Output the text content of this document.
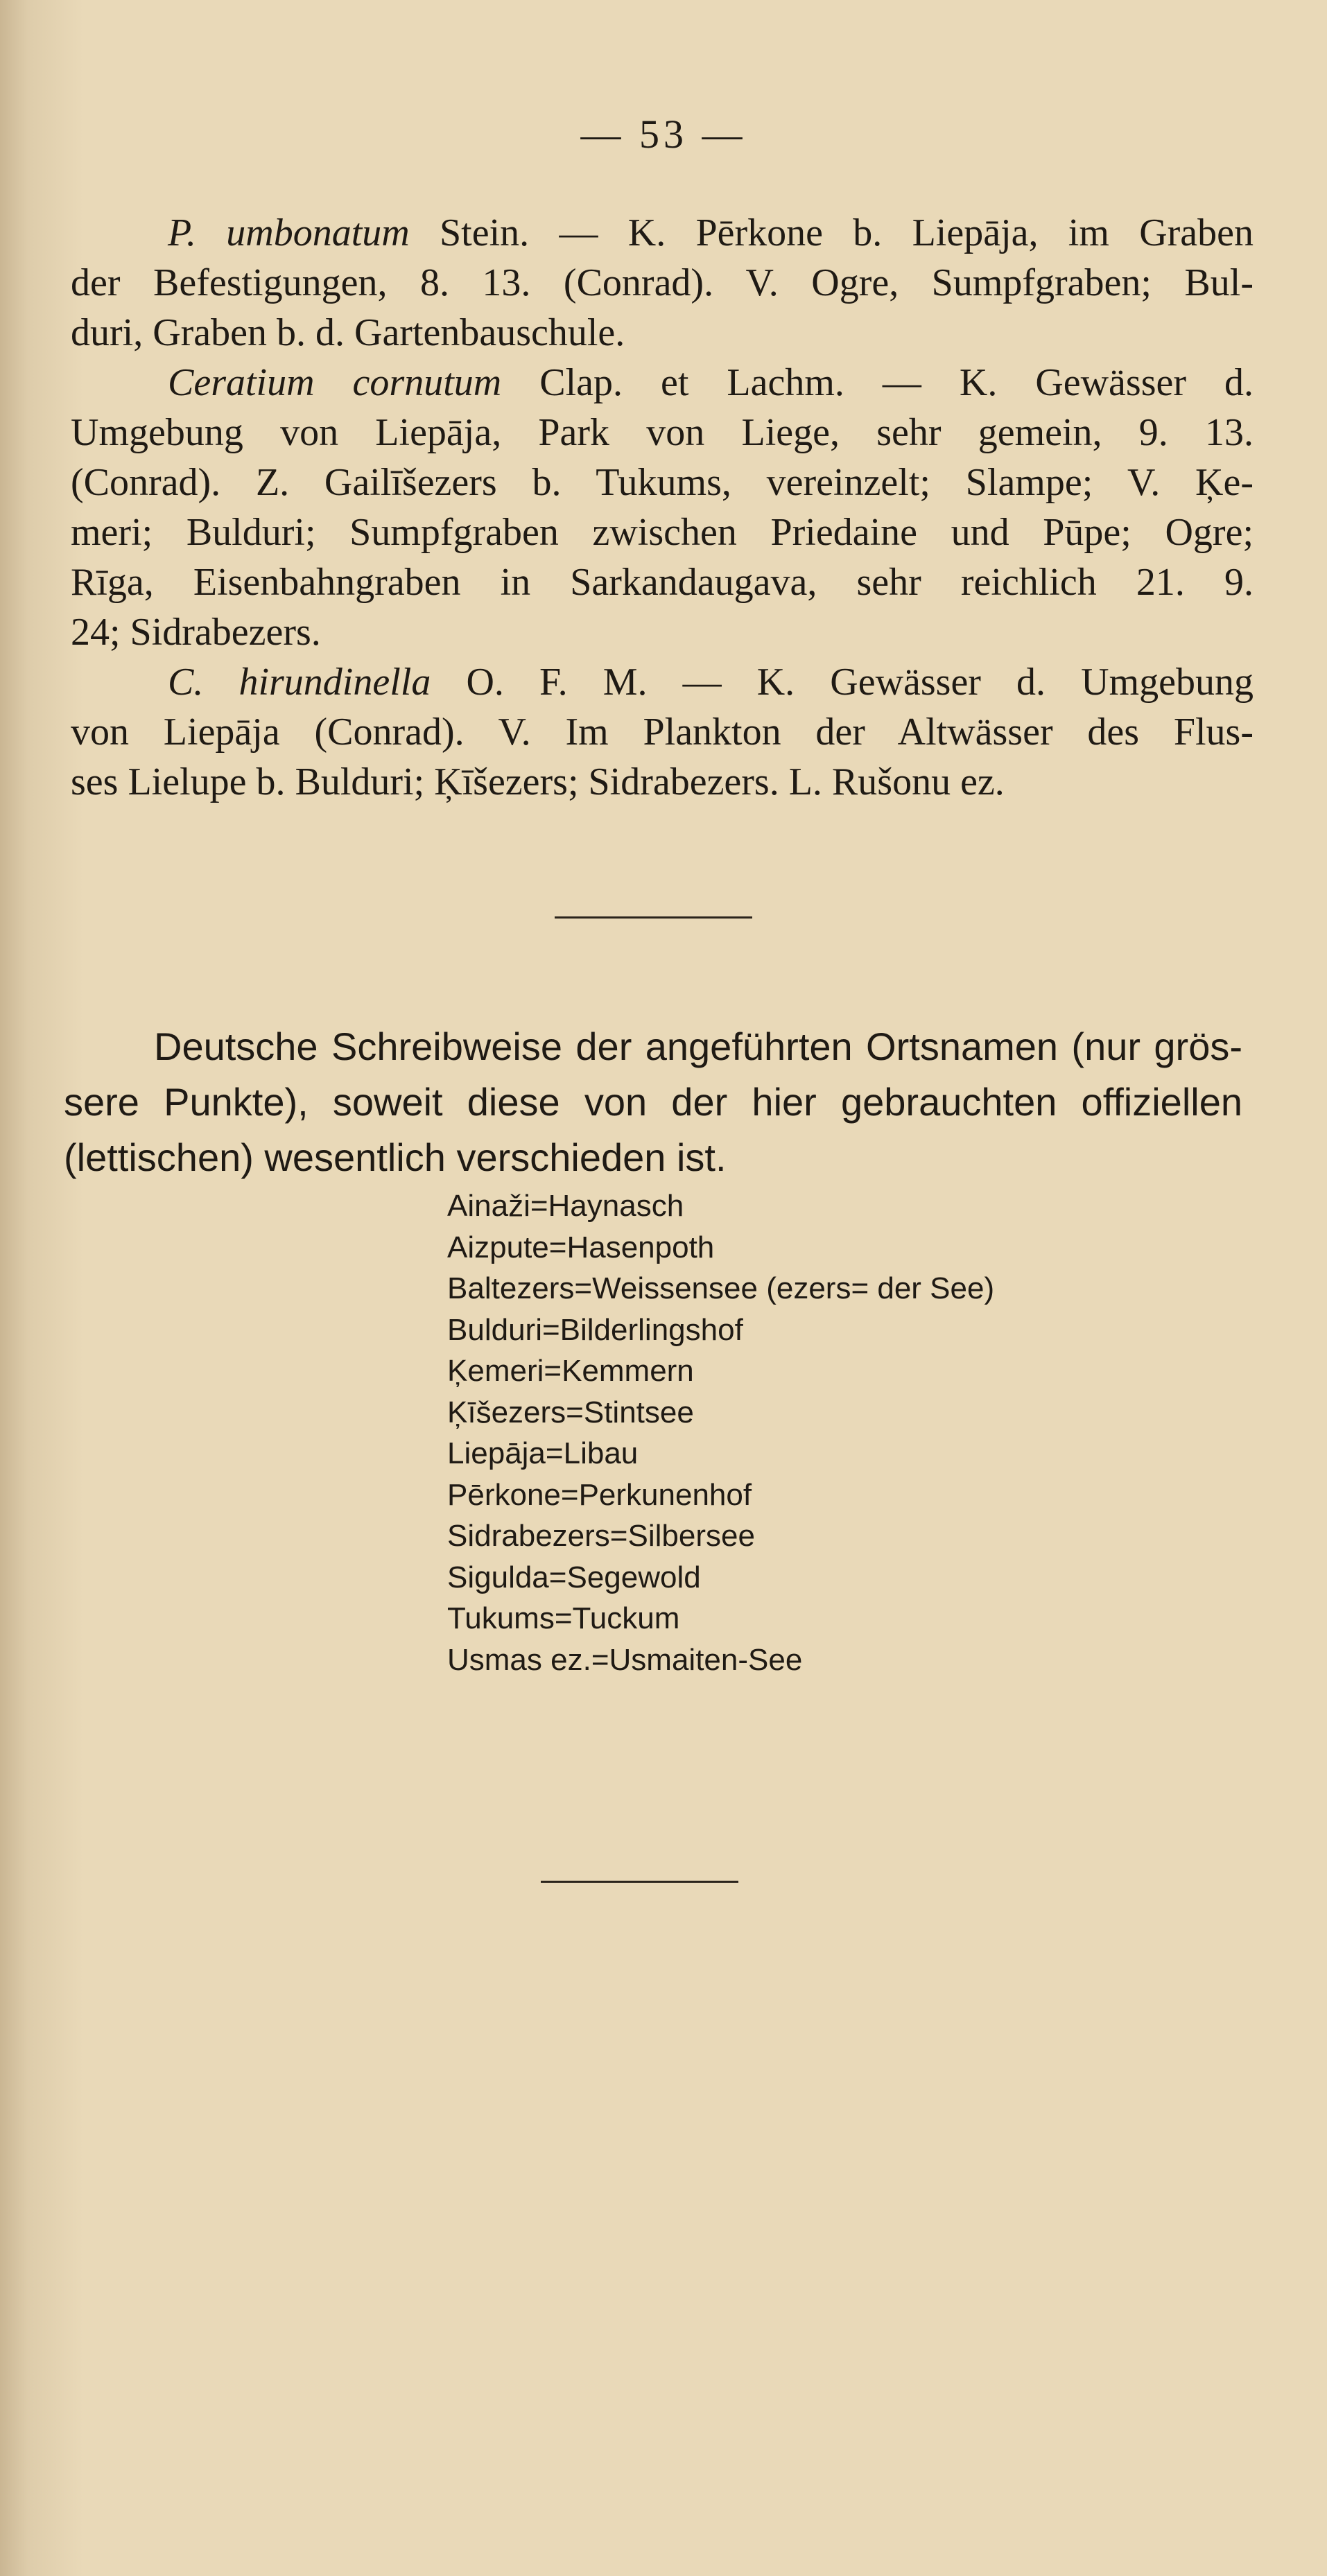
— 53 —

P. umbonatum Stein. — K. Pērkone b. Liepāja, im Graben
der Befestigungen, 8. 13. (Conrad). V. Ogre, Sumpfgraben; Bul-
duri, Graben b. d. Gartenbauschule.

Ceratium cornutum Clap. et Lachm. — K. Gewässer d.
Umgebung von Liepāja, Park von Liege, sehr gemein, 9. 13.
(Conrad). Z. Gailīšezers b. Tukums, vereinzelt; Slampe; V. Ķe-
meri; Bulduri; Sumpfgraben zwischen Priedaine und Pūpe; Ogre;
Rīga, Eisenbahngraben in Sarkandaugava, sehr reichlich 21. 9.
24; Sidrabezers.

C. hirundinella O. F. M. — K. Gewässer d. Umgebung
von Liepāja (Conrad). V. Im Plankton der Altwässer des Flus-
ses Lielupe b. Bulduri; Ķīšezers; Sidrabezers. L. Rušonu ez.

Deutsche Schreibweise der angeführten Ortsnamen (nur grös-
sere Punkte), soweit diese von der hier gebrauchten offiziellen
(lettischen) wesentlich verschieden ist.
Ainaži=Haynasch
Aizpute=Hasenpoth
Baltezers=Weissensee (ezers= der See)
Bulduri=Bilderlingshof
Ķemeri=Kemmern
Ķīšezers=Stintsee
Liepāja=Libau
Pērkone=Perkunenhof
Sidrabezers=Silbersee
Sigulda=Segewold
Tukums=Tuckum
Usmas ez.=Usmaiten-See
